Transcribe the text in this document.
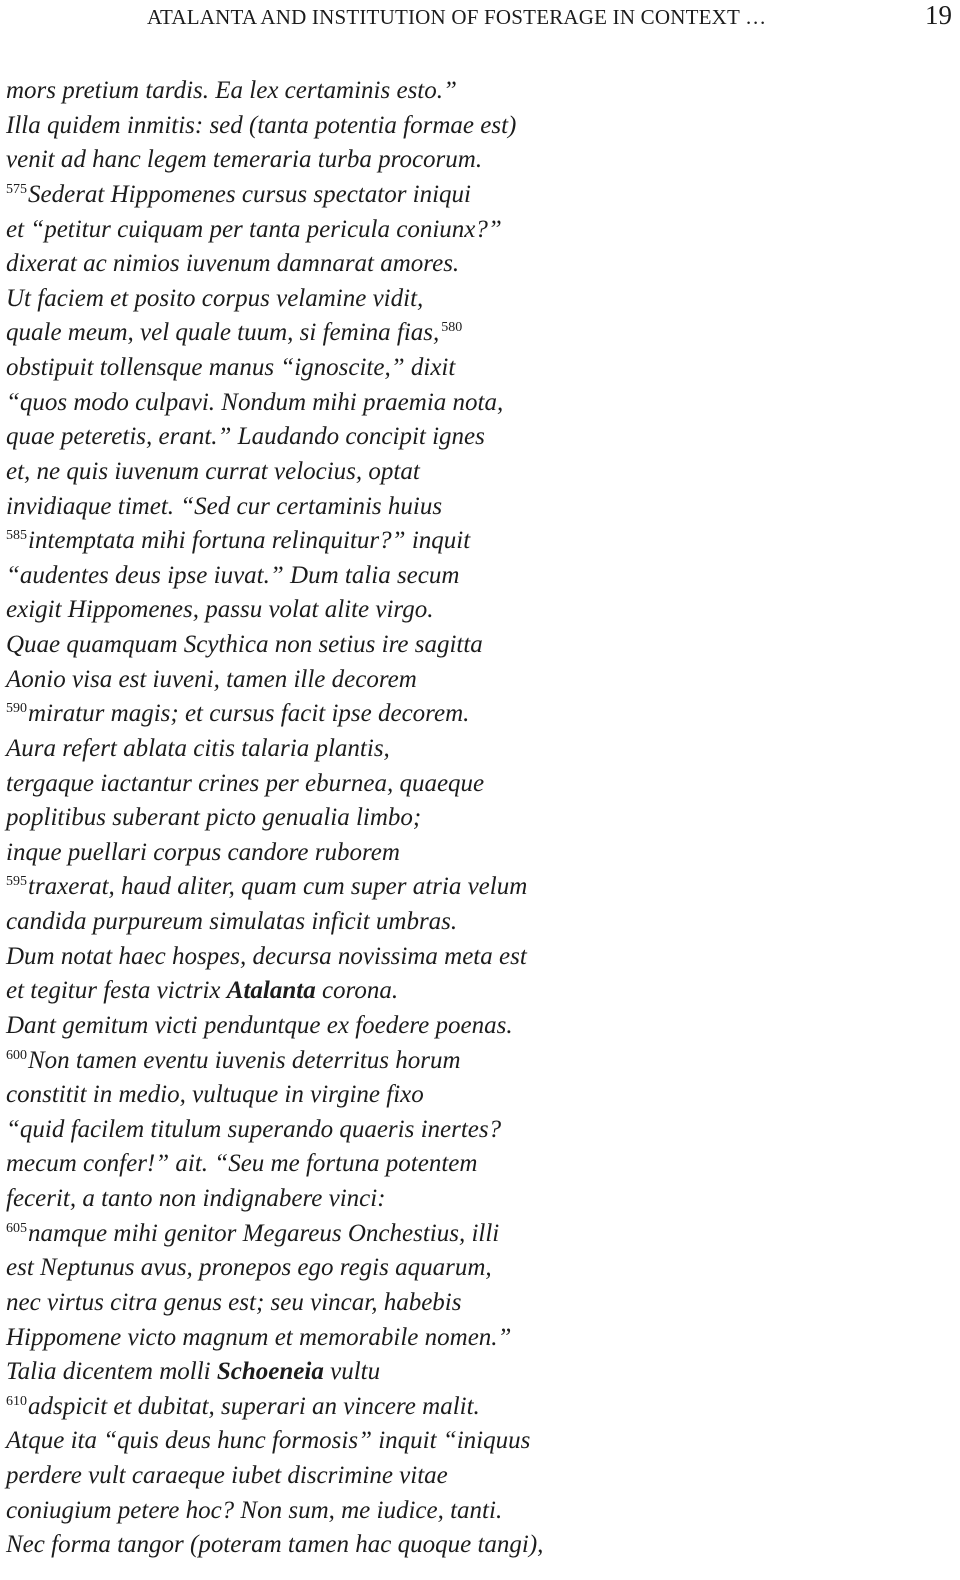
ATALANTA AND INSTITUTION OF FOSTERAGE IN CONTEXT …	19
mors pretium tardis. Ea lex certaminis esto.”
Illa quidem inmitis: sed (tanta potentia formae est)
venit ad hanc legem temeraria turba procorum.
$^{575}$Sederat Hippomenes cursus spectator iniqui
et “petitur cuiquam per tanta pericula coniunx?”
dixerat ac nimios iuvenum damnarat amores.
Ut faciem et posito corpus velamine vidit,
quale meum, vel quale tuum, si femina fias, $^{580}$
obstipuit tollensque manus “ignoscite,” dixit
“quos modo culpavi. Nondum mihi praemia nota,
quae peteretis, erant.” Laudando concipit ignes
et, ne quis iuvenum currat velocius, optat
invidiaque timet. “Sed cur certaminis huius
$^{585}$intemptata mihi fortuna relinquitur?” inquit
“audentes deus ipse iuvat.” Dum talia secum
exigit Hippomenes, passu volat alite virgo.
Quae quamquam Scythica non setius ire sagitta
Aonio visa est iuveni, tamen ille decorem
$^{590}$miratur magis; et cursus facit ipse decorem.
Aura refert ablata citis talaria plantis,
tergaque iactantur crines per eburnea, quaeque
poplitibus suberant picto genualia limbo;
inque puellari corpus candore ruborem
$^{595}$traxerat, haud aliter, quam cum super atria velum
candida purpureum simulatas inficit umbras.
Dum notat haec hospes, decursa novissima meta est
et tegitur festa victrix Atalanta corona.
Dant gemitum victi penduntque ex foedere poenas.
$^{600}$Non tamen eventu iuvenis deterritus horum
constitit in medio, vultuque in virgine fixo
“quid facilem titulum superando quaeris inertes?
mecum confer!” ait. “Seu me fortuna potentem
fecerit, a tanto non indignabere vinci:
$^{605}$namque mihi genitor Megareus Onchestius, illi
est Neptunus avus, pronepos ego regis aquarum,
nec virtus citra genus est; seu vincar, habebis
Hippomene victo magnum et memorabile nomen.”
Talia dicentem molli Schoeneia vultu
$^{610}$adspicit et dubitat, superari an vincere malit.
Atque ita “quis deus hunc formosis” inquit “iniquus
perdere vult caraeque iubet discrimine vitae
coniugium petere hoc? Non sum, me iudice, tanti.
Nec forma tangor (poteram tamen hac quoque tangi),
